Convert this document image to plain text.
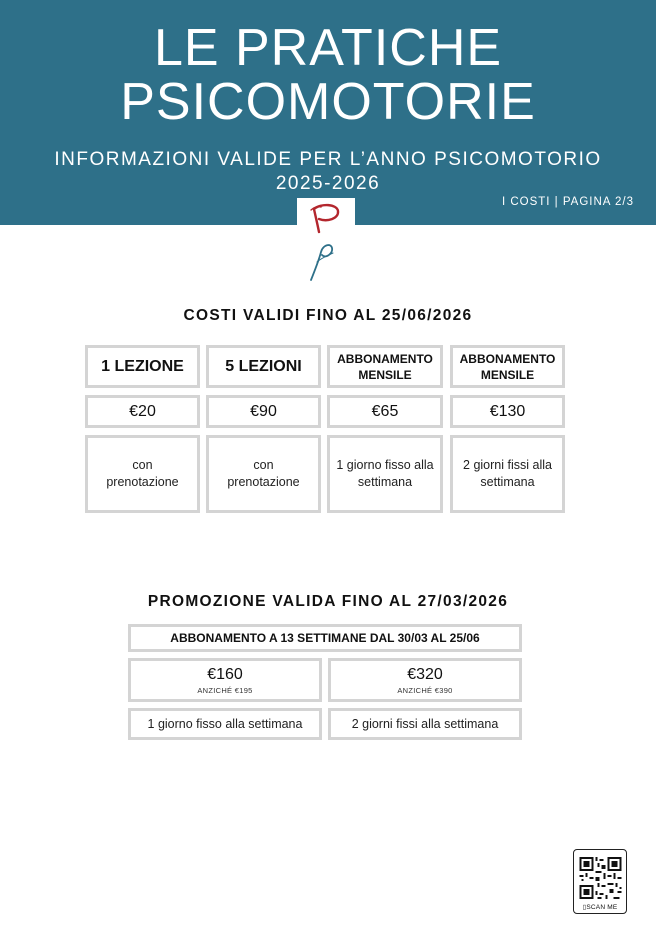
LE PRATICHE
PSICOMOTORIE
INFORMAZIONI VALIDE PER L’ANNO PSICOMOTORIO
2025-2026
I COSTI | PAGINA 2/3
COSTI VALIDI FINO AL 25/06/2026
1 LEZIONE
€20
con prenotazione
5 LEZIONI
€90
con prenotazione
ABBONAMENTO MENSILE
€65
1 giorno fisso alla settimana
ABBONAMENTO MENSILE
€130
2 giorni fissi alla settimana
PROMOZIONE VALIDA FINO AL 27/03/2026
ABBONAMENTO A 13 SETTIMANE DAL 30/03 AL 25/06
€160
ANZICHÉ €195
€320
ANZICHÉ €390
1 giorno fisso alla settimana	2 giorni fissi alla settimana
▯SCAN ME
